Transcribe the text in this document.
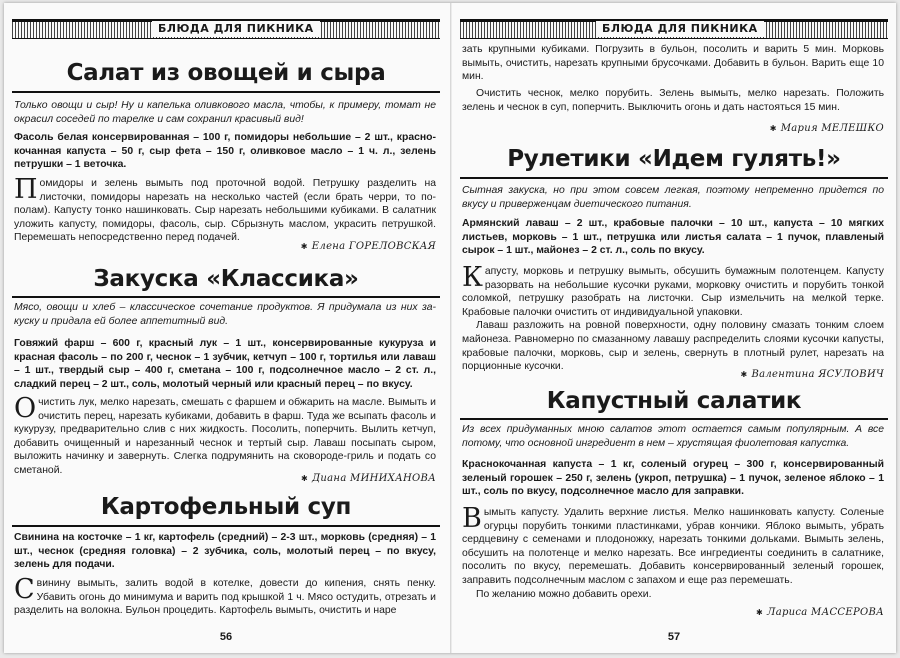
БЛЮДА ДЛЯ ПИКНИКА
Салат из овощей и сыра

Только овощи и сыр! Ну и капелька оливкового масла, чтобы, к примеру, томат не окрасил соседей по тарелке и сам сохранил красивый вид!

Фасоль белая консервированная – 100 г, помидоры небольшие – 2 шт., краснокочанная капуста – 50 г, сыр фета – 150 г, оливковое масло – 1 ч. л., зелень петрушки – 1 веточка.

Помидоры и зелень вымыть под проточной водой. Петрушку разделить на листочки, помидоры нарезать на несколько частей (если брать черри, то пополам). Капусту тонко нашинковать. Сыр нарезать небольшими кубиками. В салатник уложить капусту, помидоры, фасоль, сыр. Сбрызнуть маслом, украсить петрушкой. Перемешать непосредственно перед подачей.

✱ Елена ГОРЕЛОВСКАЯ
Закуска «Классика»

Мясо, овощи и хлеб – классическое сочетание продуктов. Я придумала из них закуску и придала ей более аппетитный вид.

Говяжий фарш – 600 г, красный лук – 1 шт., консервированные кукуруза и красная фасоль – по 200 г, чеснок – 1 зубчик, кетчуп – 100 г, тортилья или лаваш – 1 шт., твердый сыр – 400 г, сметана – 100 г, подсолнечное масло – 2 ст. л., сладкий перец – 2 шт., соль, молотый черный или красный перец – по вкусу.

Очистить лук, мелко нарезать, смешать с фаршем и обжарить на масле. Вымыть и очистить перец, нарезать кубиками, добавить в фарш. Туда же всыпать фасоль и кукурузу, предварительно слив с них жидкость. Посолить, поперчить. Вылить кетчуп, добавить очищенный и нарезанный чеснок и тертый сыр. Лаваш посыпать сыром, выложить начинку и завернуть. Слегка подрумянить на сковороде-гриль и подать со сметаной.

✱ Диана МИНИХАНОВА
Картофельный суп

Свинина на косточке – 1 кг, картофель (средний) – 2-3 шт., морковь (средняя) – 1 шт., чеснок (средняя головка) – 2 зубчика, соль, молотый перец – по вкусу, зелень для подачи.

Свинину вымыть, залить водой в котелке, довести до кипения, снять пенку. Убавить огонь до минимума и варить под крышкой 1 ч. Мясо остудить, отрезать и разделить на волокна. Бульон процедить. Картофель вымыть, очистить и наре

56
БЛЮДА ДЛЯ ПИКНИКА

зать крупными кубиками. Погрузить в бульон, посолить и варить 5 мин. Морковь вымыть, очистить, нарезать крупными брусочками. Добавить в бульон. Варить еще 10 мин.

Очистить чеснок, мелко порубить. Зелень вымыть, мелко нарезать. Положить зелень и чеснок в суп, поперчить. Выключить огонь и дать настояться 15 мин.

✱ Мария МЕЛЕШКО
Рулетики «Идем гулять!»

Сытная закуска, но при этом совсем легкая, поэтому непременно придется по вкусу и приверженцам диетического питания.

Армянский лаваш – 2 шт., крабовые палочки – 10 шт., капуста – 10 мягких листьев, морковь – 1 шт., петрушка или листья салата – 1 пучок, плавленый сырок – 1 шт., майонез – 2 ст. л., соль по вкусу.

Капусту, морковь и петрушку вымыть, обсушить бумажным полотенцем. Капусту разорвать на небольшие кусочки руками, морковку очистить и порубить тонкой соломкой, петрушку разобрать на листочки. Сыр измельчить на мелкой терке. Крабовые палочки очистить от индивидуальной упаковки.
Лаваш разложить на ровной поверхности, одну половину смазать тонким слоем майонеза. Равномерно по смазанному лавашу распределить слоями кусочки капусты, крабовые палочки, морковь, сыр и зелень, свернуть в плотный рулет, нарезать на порционные кусочки.

✱ Валентина ЯСУЛОВИЧ
Капустный салатик

Из всех придуманных мною салатов этот остается самым популярным. А все потому, что основной ингредиент в нем – хрустящая фиолетовая капустка.

Краснокочанная капуста – 1 кг, соленый огурец – 300 г, консервированный зеленый горошек – 250 г, зелень (укроп, петрушка) – 1 пучок, зеленое яблоко – 1 шт., соль по вкусу, подсолнечное масло для заправки.

Вымыть капусту. Удалить верхние листья. Мелко нашинковать капусту. Соленые огурцы порубить тонкими пластинками, убрав кончики. Яблоко вымыть, убрать сердцевину с семенами и плодоножку, нарезать тонкими дольками. Вымыть зелень, обсушить на полотенце и мелко нарезать. Все ингредиенты соединить в салатнике, посолить по вкусу, перемешать. Добавить консервированный зеленый горошек, заправить подсолнечным маслом с запахом и еще раз перемешать.
По желанию можно добавить орехи.

✱ Лариса МАССЕРОВА
57
